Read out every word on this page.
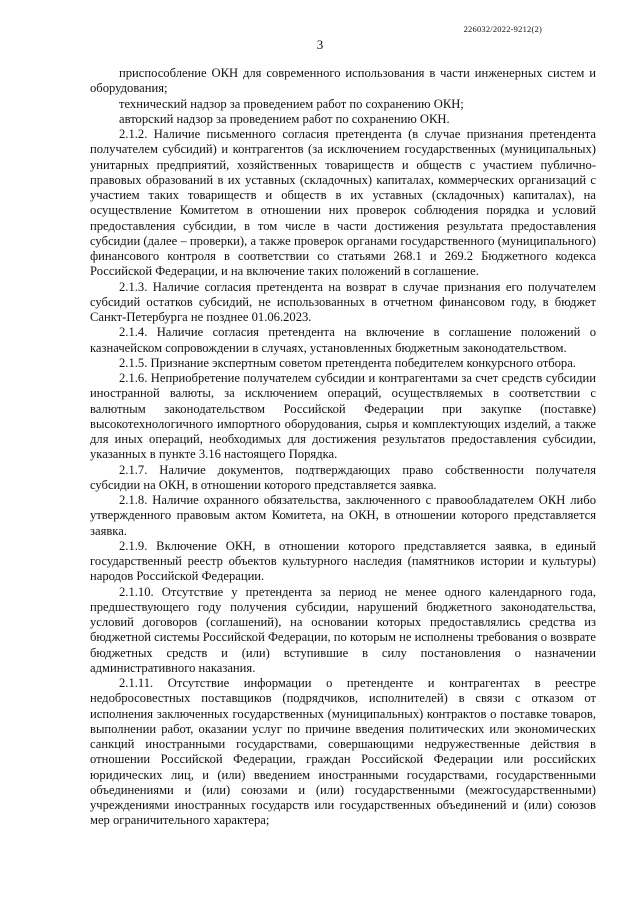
226032/2022-9212(2)
3

приспособление ОКН для современного использования в части инженерных систем и оборудования;

технический надзор за проведением работ по сохранению ОКН;

авторский надзор за проведением работ по сохранению ОКН.

2.1.2. Наличие письменного согласия претендента (в случае признания претендента получателем субсидий) и контрагентов (за исключением государственных (муниципальных) унитарных предприятий, хозяйственных товариществ и обществ с участием публично-правовых образований в их уставных (складочных) капиталах, коммерческих организаций с участием таких товариществ и обществ в их уставных (складочных) капиталах), на осуществление Комитетом в отношении них проверок соблюдения порядка и условий предоставления субсидии, в том числе в части достижения результата предоставления субсидии (далее – проверки), а также проверок органами государственного (муниципального) финансового контроля в соответствии со статьями 268.1 и 269.2 Бюджетного кодекса Российской Федерации, и на включение таких положений в соглашение.

2.1.3. Наличие согласия претендента на возврат в случае признания его получателем субсидий остатков субсидий, не использованных в отчетном финансовом году, в бюджет Санкт-Петербурга не позднее 01.06.2023.

2.1.4. Наличие согласия претендента на включение в соглашение положений о казначейском сопровождении в случаях, установленных бюджетным законодательством.

2.1.5. Признание экспертным советом претендента победителем конкурсного отбора.

2.1.6. Неприобретение получателем субсидии и контрагентами за счет средств субсидии иностранной валюты, за исключением операций, осуществляемых в соответствии с валютным законодательством Российской Федерации при закупке (поставке) высокотехнологичного импортного оборудования, сырья и комплектующих изделий, а также для иных операций, необходимых для достижения результатов предоставления субсидии, указанных в пункте 3.16 настоящего Порядка.

2.1.7. Наличие документов, подтверждающих право собственности получателя субсидии на ОКН, в отношении которого представляется заявка.

2.1.8. Наличие охранного обязательства, заключенного с правообладателем ОКН либо утвержденного правовым актом Комитета, на ОКН, в отношении которого представляется заявка.

2.1.9. Включение ОКН, в отношении которого представляется заявка, в единый государственный реестр объектов культурного наследия (памятников истории и культуры) народов Российской Федерации.

2.1.10. Отсутствие у претендента за период не менее одного календарного года, предшествующего году получения субсидии, нарушений бюджетного законодательства, условий договоров (соглашений), на основании которых предоставлялись средства из бюджетной системы Российской Федерации, по которым не исполнены требования о возврате бюджетных средств и (или) вступившие в силу постановления о назначении административного наказания.

2.1.11. Отсутствие информации о претенденте и контрагентах в реестре недобросовестных поставщиков (подрядчиков, исполнителей) в связи с отказом от исполнения заключенных государственных (муниципальных) контрактов о поставке товаров, выполнении работ, оказании услуг по причине введения политических или экономических санкций иностранными государствами, совершающими недружественные действия в отношении Российской Федерации, граждан Российской Федерации или российских юридических лиц, и (или) введением иностранными государствами, государственными объединениями и (или) союзами и (или) государственными (межгосударственными) учреждениями иностранных государств или государственных объединений и (или) союзов мер ограничительного характера;
